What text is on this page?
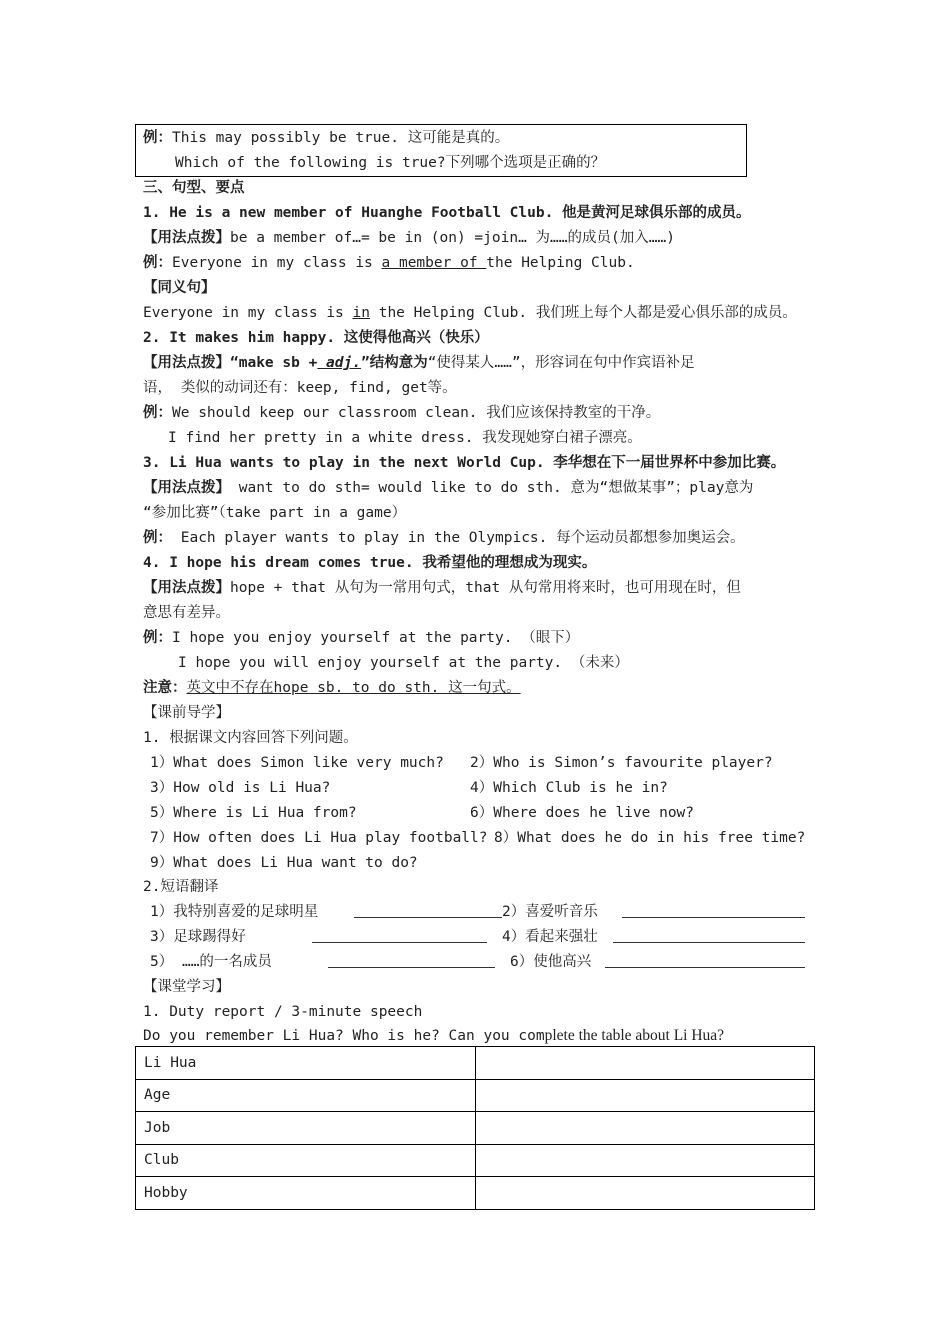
例：This may possibly be true. 这可能是真的。
Which of the following is true?下列哪个选项是正确的？
三、句型、要点
1. He is a new member of Huanghe Football Club. 他是黄河足球俱乐部的成员。
【用法点拨】be a member of…= be in (on) =join… 为……的成员(加入……)
例：Everyone in my class is a member of the Helping Club.
【同义句】
Everyone in my class is in the Helping Club. 我们班上每个人都是爱心俱乐部的成员。
2. It makes him happy. 这使得他高兴（快乐）
【用法点拨】“make sb + adj.”结构意为“使得某人……”，形容词在句中作宾语补足
语， 类似的动词还有：keep, find, get等。
例：We should keep our classroom clean. 我们应该保持教室的干净。
I find her pretty in a white dress. 我发现她穿白裙子漂亮。
3. Li Hua wants to play in the next World Cup. 李华想在下一届世界杯中参加比赛。
【用法点拨】 want to do sth= would like to do sth. 意为“想做某事”；play意为
“参加比赛”（take part in a game）
例： Each player wants to play in the Olympics. 每个运动员都想参加奥运会。
4. I hope his dream comes true. 我希望他的理想成为现实。
【用法点拨】hope + that 从句为一常用句式，that 从句常用将来时，也可用现在时，但
意思有差异。
例：I hope you enjoy yourself at the party. （眼下）
I hope you will enjoy yourself at the party. （未来）
注意：英文中不存在hope sb. to do sth. 这一句式。
【课前导学】
1. 根据课文内容回答下列问题。
1）What does Simon like very much? 2）Who is Simon’s favourite player?
3）How old is Li Hua?	4）Which Club is he in?
5）Where is Li Hua from?	6）Where does he live now?
7）How often does Li Hua play football? 8）What does he do in his free time?
9）What does Li Hua want to do?
2.短语翻译
1）我特别喜爱的足球明星	2）喜爱听音乐
3）足球踢得好	4）看起来强壮
5） ……的一名成员	6）使他高兴
【课堂学习】
1. Duty report / 3-minute speech
Do you remember Li Hua? Who is he? Can you complete the table about Li Hua?
Li Hua	
Age	
Job	
Club	
Hobby	
